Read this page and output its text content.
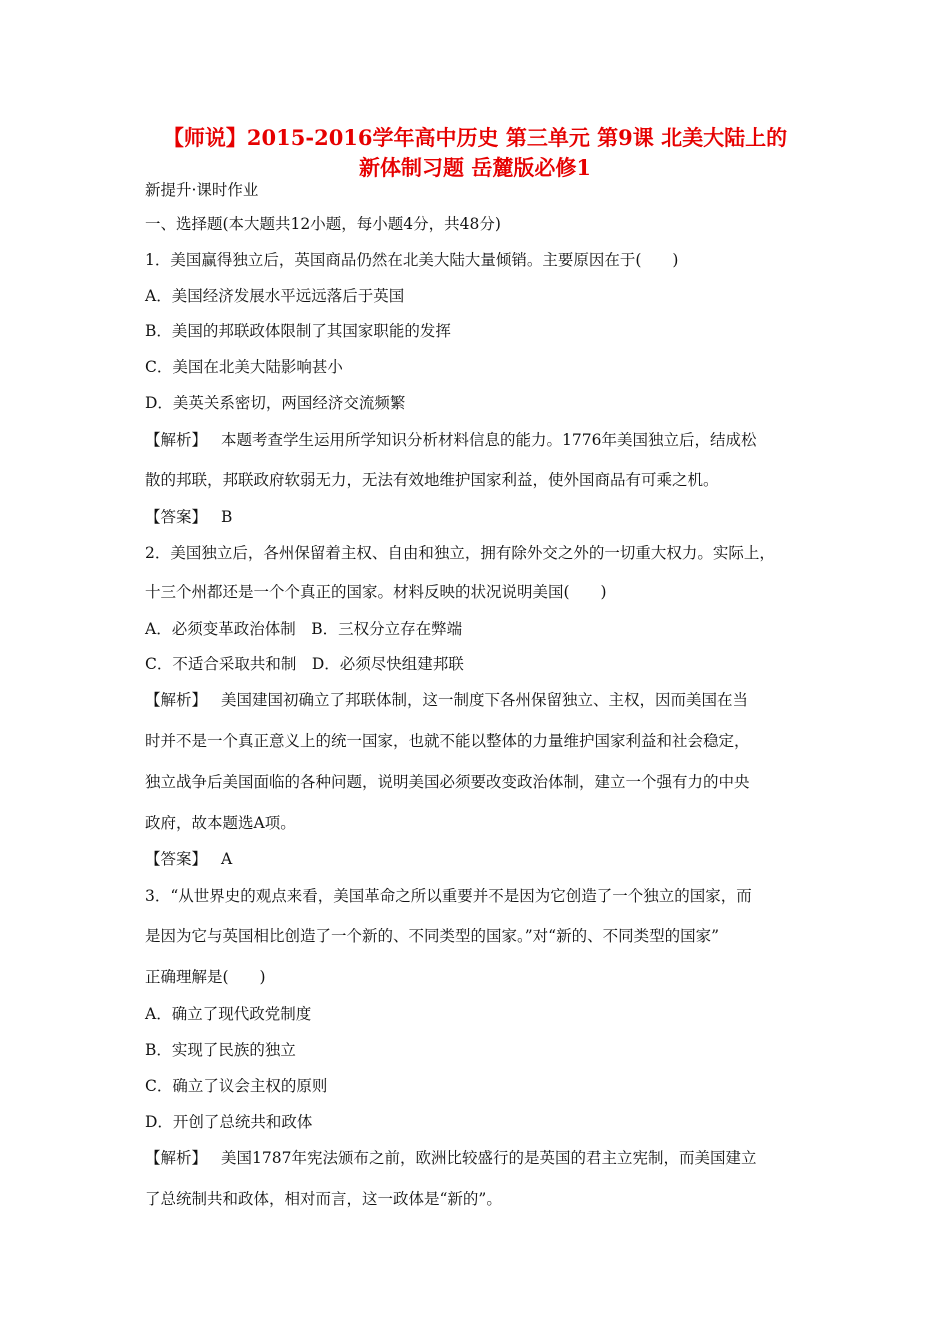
【师说】2015-2016学年高中历史 第三单元 第9课 北美大陆上的
新体制习题 岳麓版必修1

新提升·课时作业

一、选择题(本大题共12小题，每小题4分，共48分)

1．美国赢得独立后，英国商品仍然在北美大陆大量倾销。主要原因在于(　　)

A．美国经济发展水平远远落后于英国

B．美国的邦联政体限制了其国家职能的发挥

C．美国在北美大陆影响甚小

D．美英关系密切，两国经济交流频繁

【解析】 本题考查学生运用所学知识分析材料信息的能力。1776年美国独立后，结成松

散的邦联，邦联政府软弱无力，无法有效地维护国家利益，使外国商品有可乘之机。

【答案】 B

2．美国独立后，各州保留着主权、自由和独立，拥有除外交之外的一切重大权力。实际上，

十三个州都还是一个个真正的国家。材料反映的状况说明美国(　　)

A．必须变革政治体制　B．三权分立存在弊端

C．不适合采取共和制　D．必须尽快组建邦联

【解析】 美国建国初确立了邦联体制，这一制度下各州保留独立、主权，因而美国在当

时并不是一个真正意义上的统一国家，也就不能以整体的力量维护国家利益和社会稳定，

独立战争后美国面临的各种问题，说明美国必须要改变政治体制，建立一个强有力的中央

政府，故本题选A项。

【答案】 A

3．“从世界史的观点来看，美国革命之所以重要并不是因为它创造了一个独立的国家，而

是因为它与英国相比创造了一个新的、不同类型的国家。”对“新的、不同类型的国家”

正确理解是(　　)

A．确立了现代政党制度

B．实现了民族的独立

C．确立了议会主权的原则

D．开创了总统共和政体

【解析】 美国1787年宪法颁布之前，欧洲比较盛行的是英国的君主立宪制，而美国建立

了总统制共和政体，相对而言，这一政体是“新的”。
